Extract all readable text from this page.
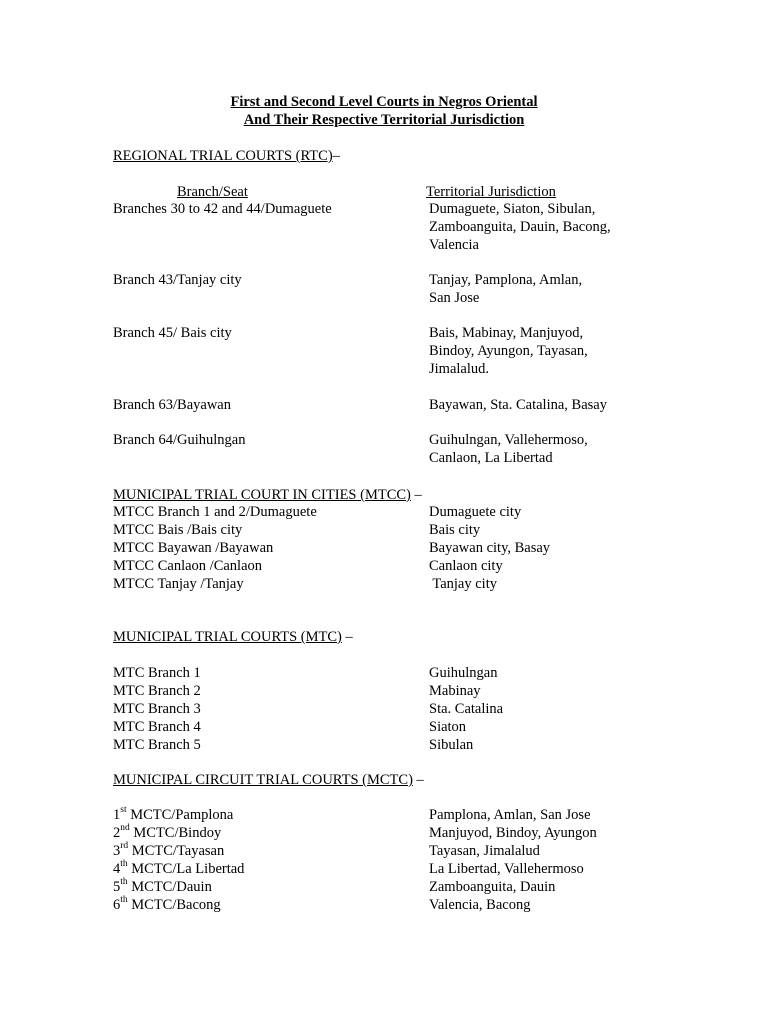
First and Second Level Courts in Negros Oriental
And Their Respective Territorial Jurisdiction
REGIONAL TRIAL COURTS (RTC)–
Branch/Seat	Territorial Jurisdiction
Branches 30 to 42 and 44/Dumaguete	Dumaguete, Siaton, Sibulan,
Zamboanguita, Dauin, Bacong,
Valencia
Branch 43/Tanjay city	Tanjay, Pamplona, Amlan,
San Jose
Branch 45/ Bais city	Bais, Mabinay, Manjuyod,
Bindoy, Ayungon, Tayasan,
Jimalalud.
Branch 63/Bayawan	Bayawan, Sta. Catalina, Basay
Branch 64/Guihulngan	Guihulngan, Vallehermoso,
Canlaon, La Libertad
MUNICIPAL TRIAL COURT IN CITIES (MTCC) –
MTCC Branch 1 and 2/Dumaguete	Dumaguete city
MTCC Bais /Bais city	Bais city
MTCC Bayawan /Bayawan	Bayawan city, Basay
MTCC Canlaon /Canlaon	Canlaon city
MTCC Tanjay /Tanjay	Tanjay city
MUNICIPAL TRIAL COURTS (MTC) –
MTC Branch 1	Guihulngan
MTC Branch 2	Mabinay
MTC Branch 3	Sta. Catalina
MTC Branch 4	Siaton
MTC Branch 5	Sibulan
MUNICIPAL CIRCUIT TRIAL COURTS (MCTC) –
1st MCTC/Pamplona	Pamplona, Amlan, San Jose
2nd MCTC/Bindoy	Manjuyod, Bindoy, Ayungon
3rd MCTC/Tayasan	Tayasan, Jimalalud
4th MCTC/La Libertad	La Libertad, Vallehermoso
5th MCTC/Dauin	Zamboanguita, Dauin
6th MCTC/Bacong	Valencia, Bacong
